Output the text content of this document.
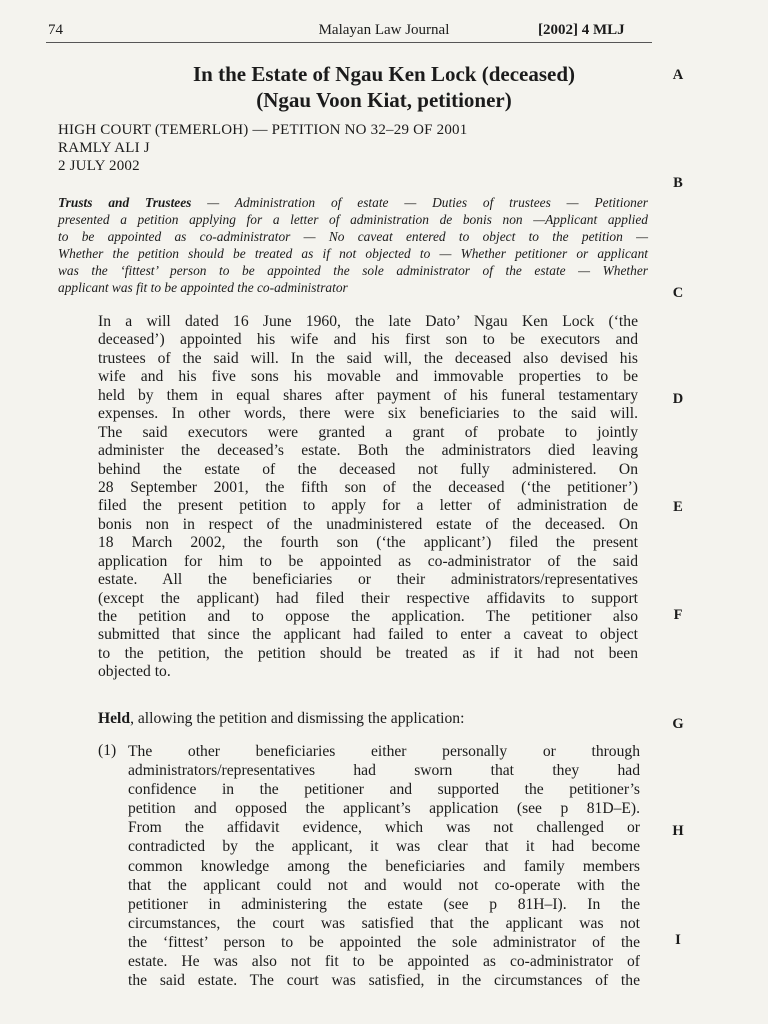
74	Malayan Law Journal	[2002] 4 MLJ
In the Estate of Ngau Ken Lock (deceased)
(Ngau Voon Kiat, petitioner)
HIGH COURT (TEMERLOH) — PETITION NO 32–29 OF 2001
RAMLY ALI J
2 JULY 2002
Trusts and Trustees — Administration of estate — Duties of trustees — Petitioner
presented a petition applying for a letter of administration de bonis non —Applicant applied
to be appointed as co-administrator — No caveat entered to object to the petition —
Whether the petition should be treated as if not objected to — Whether petitioner or applicant
was the ‘fittest’ person to be appointed the sole administrator of the estate — Whether
applicant was fit to be appointed the co-administrator
In a will dated 16 June 1960, the late Dato’ Ngau Ken Lock (‘the
deceased’) appointed his wife and his first son to be executors and
trustees of the said will. In the said will, the deceased also devised his
wife and his five sons his movable and immovable properties to be
held by them in equal shares after payment of his funeral testamentary
expenses. In other words, there were six beneficiaries to the said will.
The said executors were granted a grant of probate to jointly
administer the deceased’s estate. Both the administrators died leaving
behind the estate of the deceased not fully administered. On
28 September 2001, the fifth son of the deceased (‘the petitioner’)
filed the present petition to apply for a letter of administration de
bonis non in respect of the unadministered estate of the deceased. On
18 March 2002, the fourth son (‘the applicant’) filed the present
application for him to be appointed as co-administrator of the said
estate. All the beneficiaries or their administrators/representatives
(except the applicant) had filed their respective affidavits to support
the petition and to oppose the application. The petitioner also
submitted that since the applicant had failed to enter a caveat to object
to the petition, the petition should be treated as if it had not been
objected to.
Held, allowing the petition and dismissing the application:
(1) The other beneficiaries either personally or through
administrators/representatives had sworn that they had
confidence in the petitioner and supported the petitioner’s
petition and opposed the applicant’s application (see p 81D–E).
From the affidavit evidence, which was not challenged or
contradicted by the applicant, it was clear that it had become
common knowledge among the beneficiaries and family members
that the applicant could not and would not co-operate with the
petitioner in administering the estate (see p 81H–I). In the
circumstances, the court was satisfied that the applicant was not
the ‘fittest’ person to be appointed the sole administrator of the
estate. He was also not fit to be appointed as co-administrator of
the said estate. The court was satisfied, in the circumstances of the
A
B
C
D
E
F
G
H
I
